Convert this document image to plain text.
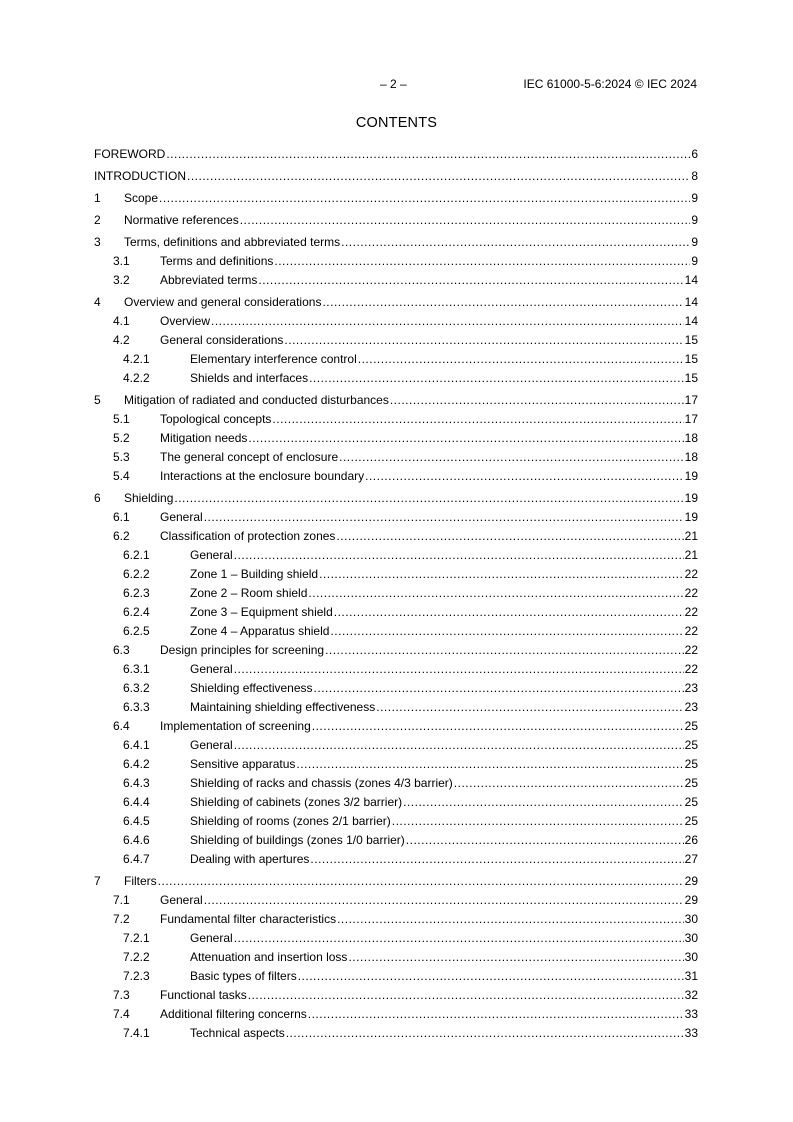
– 2 –	IEC 61000-5-6:2024 © IEC 2024
CONTENTS
FOREWORD .....	6
INTRODUCTION .....	8
1	Scope .....	9
2	Normative references .....	9
3	Terms, definitions and abbreviated terms .....	9
3.1	Terms and definitions .....	9
3.2	Abbreviated terms .....	14
4	Overview and general considerations .....	14
4.1	Overview .....	14
4.2	General considerations .....	15
4.2.1	Elementary interference control .....	15
4.2.2	Shields and interfaces .....	15
5	Mitigation of radiated and conducted disturbances .....	17
5.1	Topological concepts .....	17
5.2	Mitigation needs .....	18
5.3	The general concept of enclosure .....	18
5.4	Interactions at the enclosure boundary .....	19
6	Shielding .....	19
6.1	General .....	19
6.2	Classification of protection zones .....	21
6.2.1	General .....	21
6.2.2	Zone 1 – Building shield .....	22
6.2.3	Zone 2 – Room shield .....	22
6.2.4	Zone 3 – Equipment shield .....	22
6.2.5	Zone 4 – Apparatus shield .....	22
6.3	Design principles for screening .....	22
6.3.1	General .....	22
6.3.2	Shielding effectiveness .....	23
6.3.3	Maintaining shielding effectiveness .....	23
6.4	Implementation of screening .....	25
6.4.1	General .....	25
6.4.2	Sensitive apparatus .....	25
6.4.3	Shielding of racks and chassis (zones 4/3 barrier) .....	25
6.4.4	Shielding of cabinets (zones 3/2 barrier) .....	25
6.4.5	Shielding of rooms (zones 2/1 barrier) .....	25
6.4.6	Shielding of buildings (zones 1/0 barrier) .....	26
6.4.7	Dealing with apertures .....	27
7	Filters .....	29
7.1	General .....	29
7.2	Fundamental filter characteristics .....	30
7.2.1	General .....	30
7.2.2	Attenuation and insertion loss .....	30
7.2.3	Basic types of filters .....	31
7.3	Functional tasks .....	32
7.4	Additional filtering concerns .....	33
7.4.1	Technical aspects .....	33
